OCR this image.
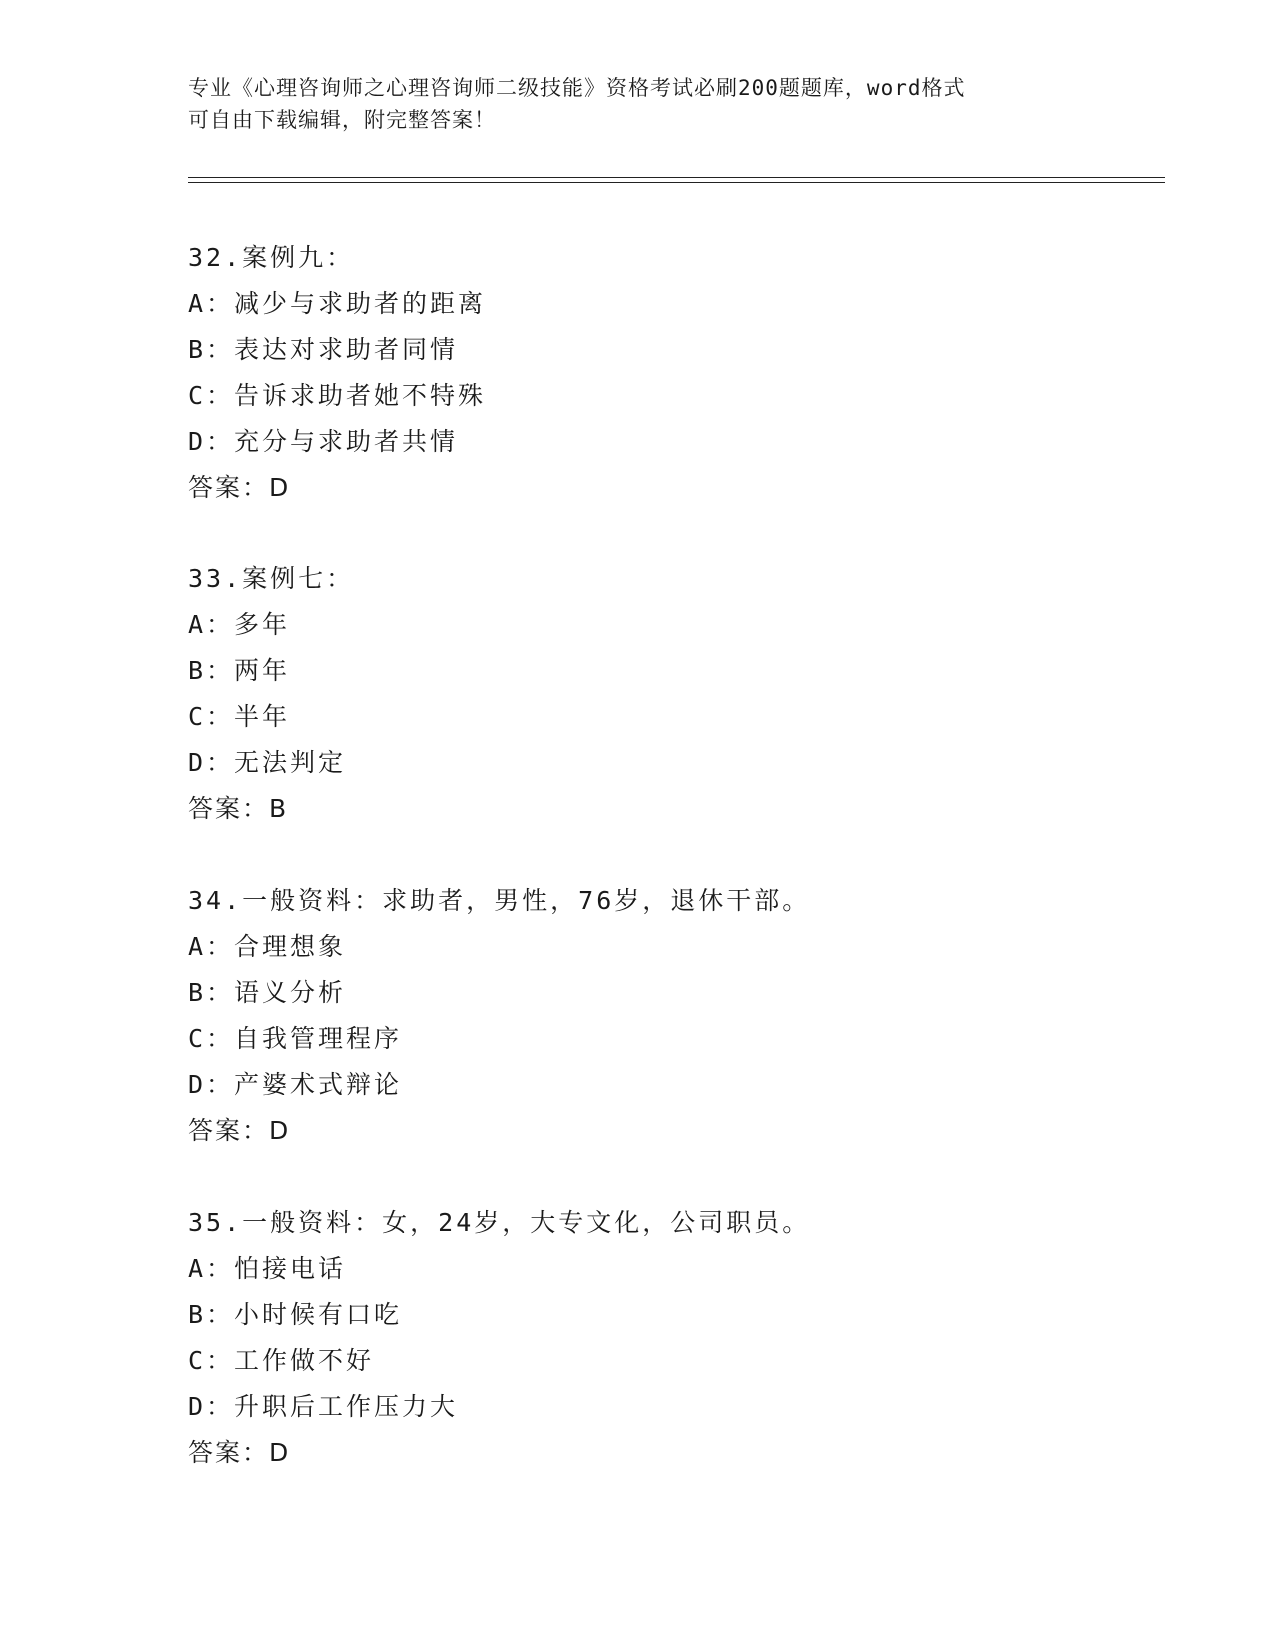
专业《心理咨询师之心理咨询师二级技能》资格考试必刷200题题库，word格式
可自由下载编辑，附完整答案！
32.案例九：
A：减少与求助者的距离
B：表达对求助者同情
C：告诉求助者她不特殊
D：充分与求助者共情
答案：D
33.案例七：
A：多年
B：两年
C：半年
D：无法判定
答案：B
34.一般资料：求助者，男性，76岁，退休干部。
A：合理想象
B：语义分析
C：自我管理程序
D：产婆术式辩论
答案：D
35.一般资料：女，24岁，大专文化，公司职员。
A：怕接电话
B：小时候有口吃
C：工作做不好
D：升职后工作压力大
答案：D
